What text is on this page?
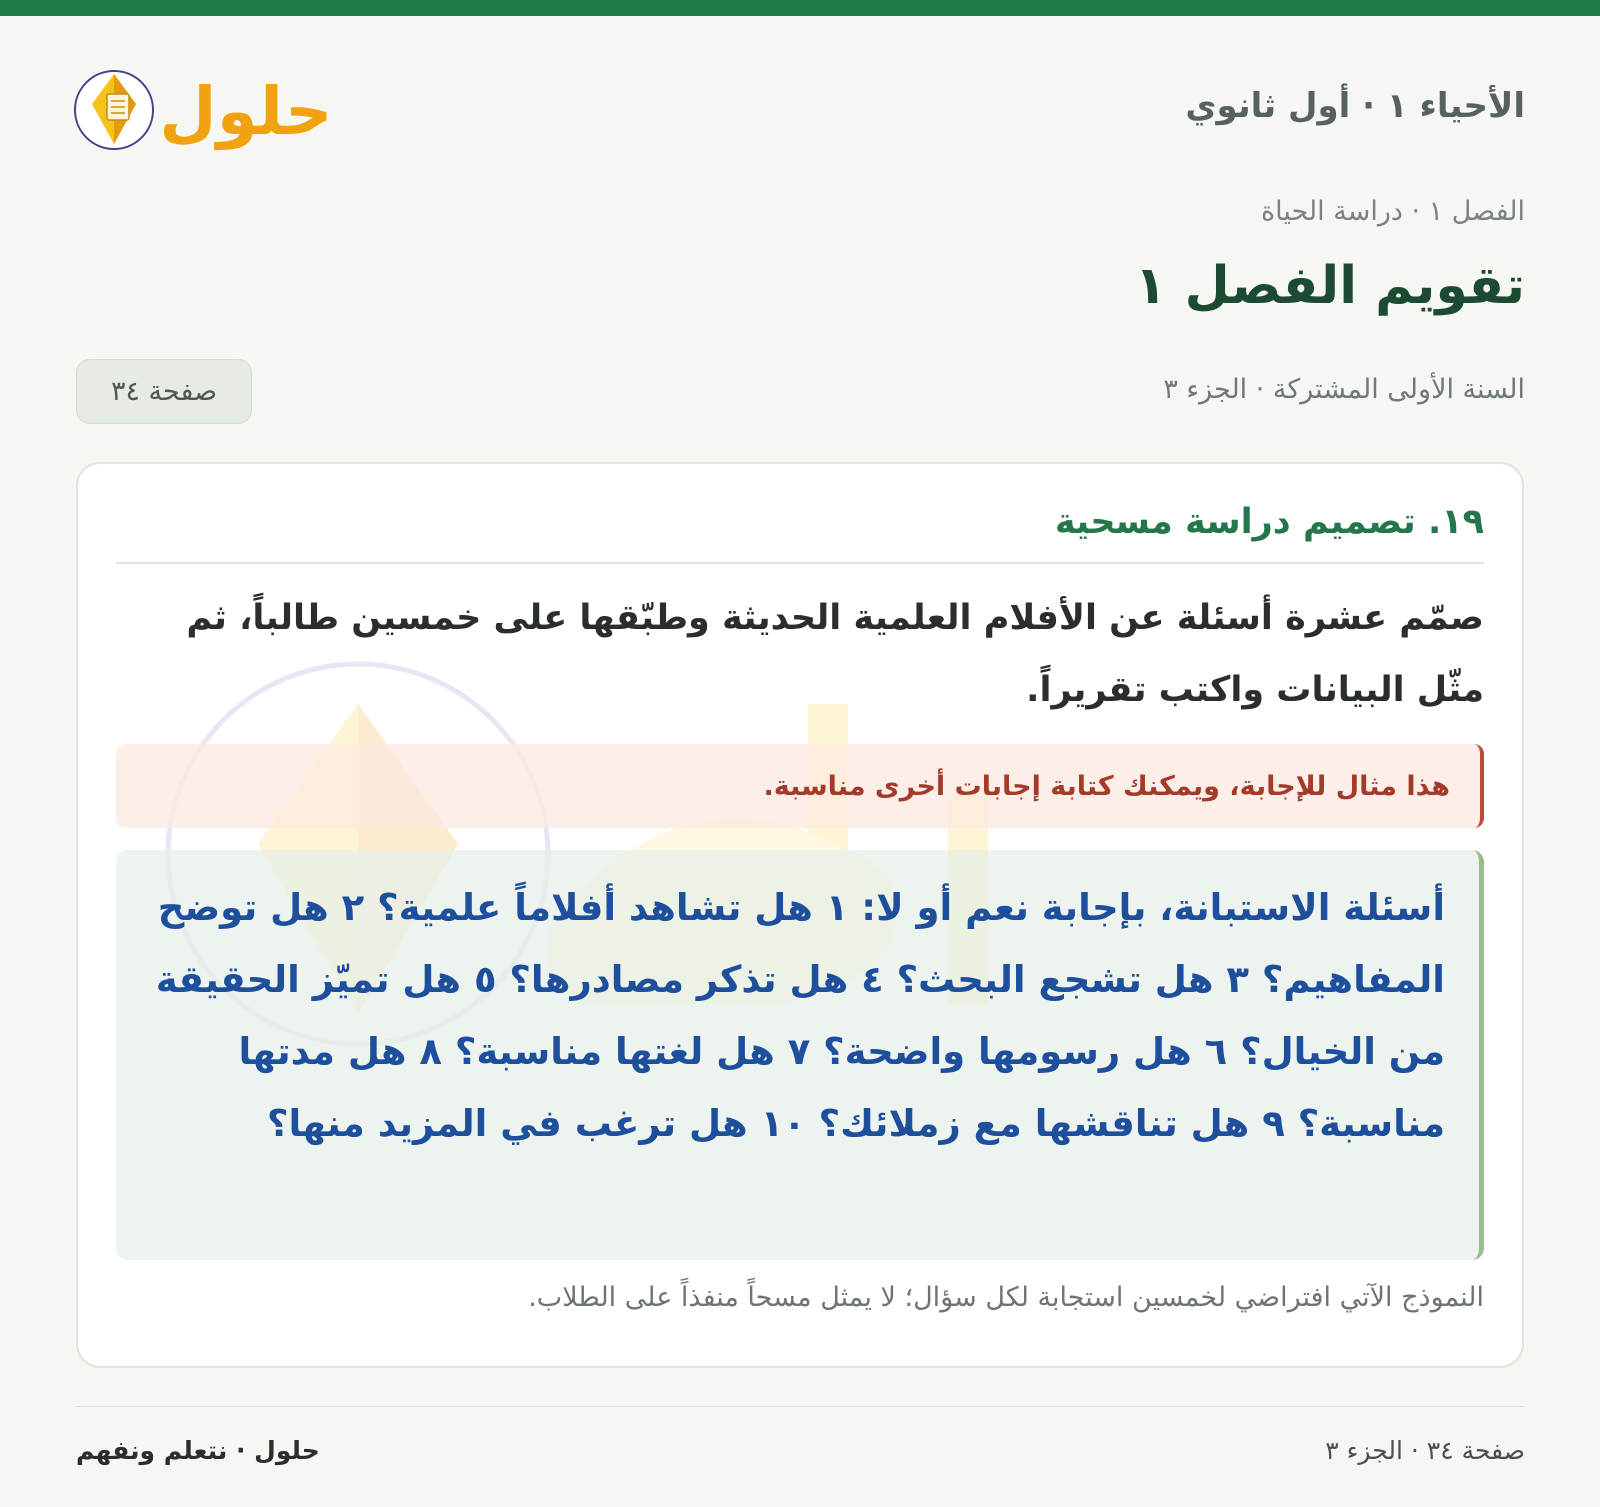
حلول	الأحياء ١ · أول ثانوي
الفصل ١ · دراسة الحياة
تقويم الفصل ١
السنة الأولى المشتركة · الجزء ٣
صفحة ٣٤
١٩. تصميم دراسة مسحية
صمّم عشرة أسئلة عن الأفلام العلمية الحديثة وطبّقها على خمسين طالباً، ثم مثّل البيانات واكتب تقريراً.
هذا مثال للإجابة، ويمكنك كتابة إجابات أخرى مناسبة.
أسئلة الاستبانة، بإجابة نعم أو لا: ١ هل تشاهد أفلاماً علمية؟ ٢ هل توضح المفاهيم؟ ٣ هل تشجع البحث؟ ٤ هل تذكر مصادرها؟ ٥ هل تميّز الحقيقة من الخيال؟ ٦ هل رسومها واضحة؟ ٧ هل لغتها مناسبة؟ ٨ هل مدتها مناسبة؟ ٩ هل تناقشها مع زملائك؟ ١٠ هل ترغب في المزيد منها؟
النموذج الآتي افتراضي لخمسين استجابة لكل سؤال؛ لا يمثل مسحاً منفذاً على الطلاب.
صفحة ٣٤ · الجزء ٣
حلول · نتعلم ونفهم
